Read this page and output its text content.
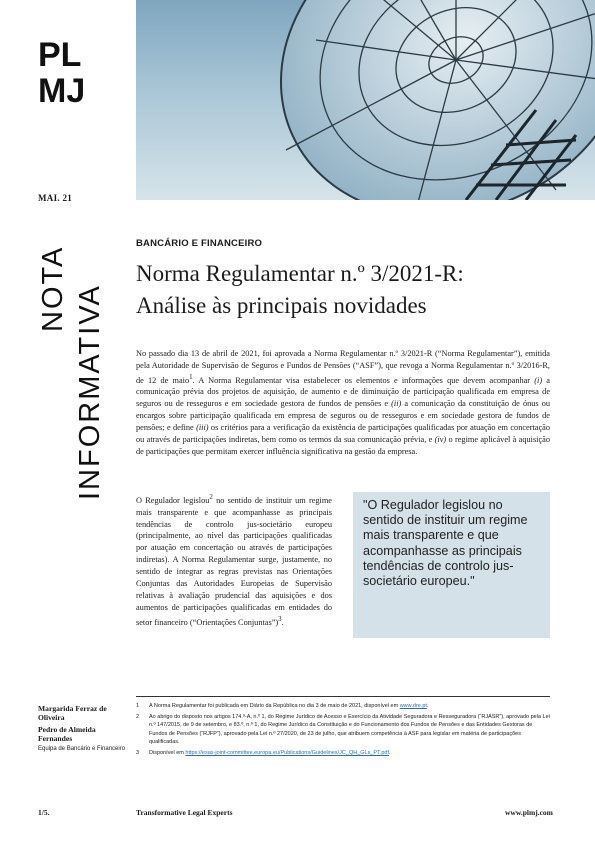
PL
MJ
MAI. 21
NOTA INFORMATIVA
BANCÁRIO E FINANCEIRO
Norma Regulamentar n.º 3/2021-R:
Análise às principais novidades

No passado dia 13 de abril de 2021, foi aprovada a Norma Regulamentar n.º 3/2021-R (“Norma Regulamentar”), emitida pela Autoridade de Supervisão de Seguros e Fundos de Pensões (“ASF”), que revoga a Norma Regulamentar n.º 3/2016-R, de 12 de maio$^1$. A Norma Regulamentar visa estabelecer os elementos e informações que devem acompanhar (i) a comunicação prévia dos projetos de aquisição, de aumento e de diminuição de participação qualificada em empresa de seguros ou de resseguros e em sociedade gestora de fundos de pensões e (ii) a comunicação da constituição de ónus ou encargos sobre participação qualificada em empresa de seguros ou de resseguros e em sociedade gestora de fundos de pensões; e define (iii) os critérios para a verificação da existência de participações qualificadas por atuação em concertação ou através de participações indiretas, bem como os termos da sua comunicação prévia, e (iv) o regime aplicável à aquisição de participações que permitam exercer influência significativa na gestão da empresa.

O Regulador legislou$^2$ no sentido de instituir um regime mais transparente e que acompanhasse as principais tendências de controlo jus-societário europeu (principalmente, ao nível das participações qualificadas por atuação em concertação ou através de participações indiretas). A Norma Regulamentar surge, justamente, no sentido de integrar as regras previstas nas Orientações Conjuntas das Autoridades Europeias de Supervisão relativas à avaliação prudencial das aquisições e dos aumentos de participações qualificadas em entidades do setor financeiro (“Orientações Conjuntas”)$^3$.

"O Regulador legislou no sentido de instituir um regime mais transparente e que acompanhasse as principais tendências de controlo jus-societário europeu."
Margarida Ferraz de Oliveira
Pedro de Almeida Fernandes
Equipa de Bancário e Financeiro
1 A Norma Regulamentar foi publicada em Diário da República no dia 3 de maio de 2021, disponível em www.dre.pt.
2 Ao abrigo do disposto nos artigos 174.º-A, n.º 1, do Regime Jurídico de Acesso e Exercício da Atividade Seguradora e Resseguradora (“RJASR”), aprovado pela Lei n.º 147/2015, de 9 de setembro, e 83.º, n.º 1, do Regime Jurídico da Constituição e do Funcionamento dos Fundos de Pensões e das Entidades Gestoras de Fundos de Pensões (“RJFP”), aprovado pela Lei n.º 27/2020, de 23 de julho, que atribuem competência à ASF para legislar em matéria de participações qualificadas.
3 Disponível em https://esas-joint-committee.europa.eu/Publications/Guidelines/JC_QH_GLs_PT.pdf.
1/5.	Transformative Legal Experts	www.plmj.com
